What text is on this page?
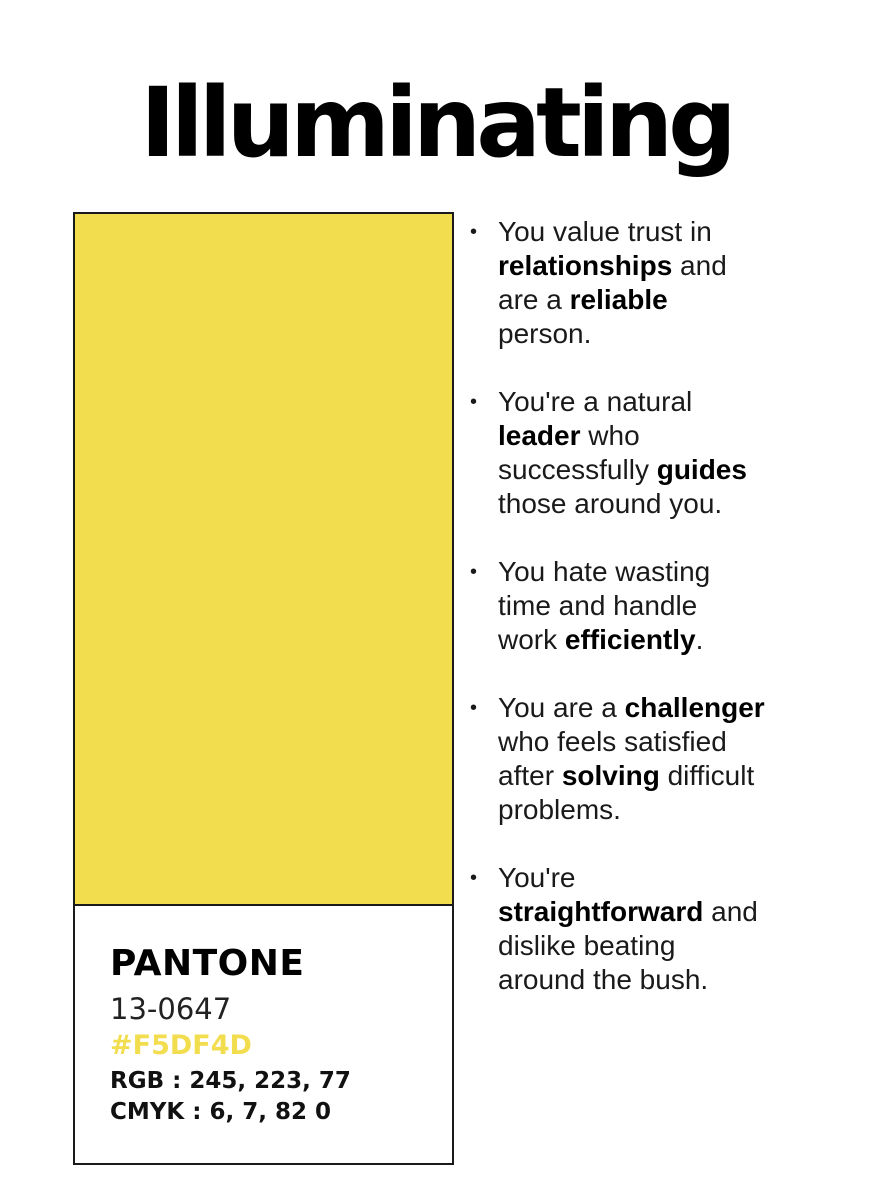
Illuminating
PANTONE
13-0647
#F5DF4D
RGB : 245, 223, 77
CMYK : 6, 7, 82 0
• You value trust in
relationships and
are a reliable
person.
• You're a natural
leader who
successfully guides
those around you.
• You hate wasting
time and handle
work efficiently.
• You are a challenger
who feels satisfied
after solving difficult
problems.
• You're
straightforward and
dislike beating
around the bush.
